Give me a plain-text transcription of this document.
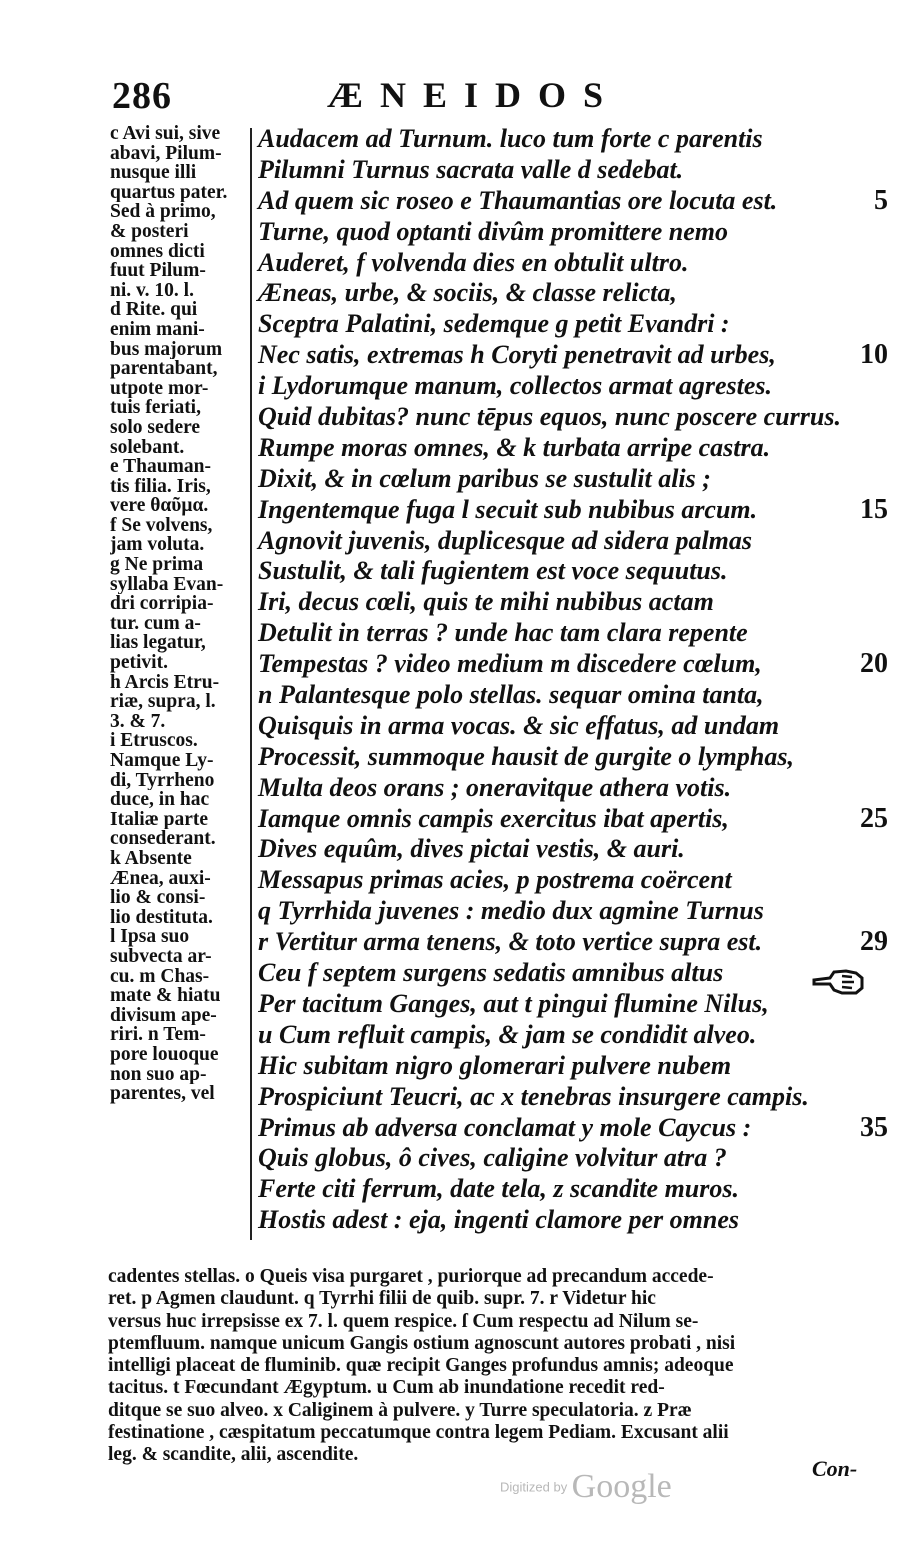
286	ÆNEIDOS
c Avi sui, sive
abavi, Pilum-
nusque illi
quartus pater.
Sed à primo,
& posteri
omnes dicti
fuut Pilum-
ni. v. 10. l.
d Rite. qui
enim mani-
bus majorum
parentabant,
utpote mor-
tuis feriati,
solo sedere
solebant.
e Thauman-
tis filia. Iris,
vere θαῦμα.
f Se volvens,
jam voluta.
g Ne prima
syllaba Evan-
dri corripia-
tur. cum a-
lias legatur,
petivit.
h Arcis Etru-
riæ, supra, l.
3. & 7.
i Etruscos.
Namque Ly-
di, Tyrrheno
duce, in hac
Italiæ parte
consederant.
k Absente
Ænea, auxi-
lio & consi-
lio destituta.
l Ipsa suo
subvecta ar-
cu. m Chas-
mate & hiatu
divisum ape-
riri. n Tem-
pore louoque
non suo ap-
parentes, vel
Audacem ad Turnum. luco tum forte c parentis
Pilumni Turnus sacrata valle d sedebat.
Ad quem sic roseo e Thaumantias ore locuta est.	5
Turne, quod optanti divûm promittere nemo
Auderet, f volvenda dies en obtulit ultro.
Æneas, urbe, & sociis, & classe relicta,
Sceptra Palatini, sedemque g petit Evandri :
Nec satis, extremas h Coryti penetravit ad urbes,	10
i Lydorumque manum, collectos armat agrestes.
Quid dubitas? nunc tēpus equos, nunc poscere currus.
Rumpe moras omnes, & k turbata arripe castra.
Dixit, & in cœlum paribus se sustulit alis ;
Ingentemque fuga l secuit sub nubibus arcum.	15
Agnovit juvenis, duplicesque ad sidera palmas
Sustulit, & tali fugientem est voce sequutus.
Iri, decus cœli, quis te mihi nubibus actam
Detulit in terras ? unde hac tam clara repente
Tempestas ? video medium m discedere cœlum,	20
n Palantesque polo stellas. sequar omina tanta,
Quisquis in arma vocas. & sic effatus, ad undam
Processit, summoque hausit de gurgite o lymphas,
Multa deos orans ; oneravitque athera votis.
Iamque omnis campis exercitus ibat apertis,	25
Dives equûm, dives pictai vestis, & auri.
Messapus primas acies, p postrema coërcent
q Tyrrhida juvenes : medio dux agmine Turnus
r Vertitur arma tenens, & toto vertice supra est.	29
Ceu f septem surgens sedatis amnibus altus
Per tacitum Ganges, aut t pingui flumine Nilus,
u Cum refluit campis, & jam se condidit alveo.
Hic subitam nigro glomerari pulvere nubem
Prospiciunt Teucri, ac x tenebras insurgere campis.
Primus ab adversa conclamat y mole Caycus :	35
Quis globus, ô cives, caligine volvitur atra ?
Ferte citi ferrum, date tela, z scandite muros.
Hostis adest : eja, ingenti clamore per omnes
cadentes stellas. o Queis visa purgaret , puriorque ad precandum accede-
ret. p Agmen claudunt. q Tyrrhi filii de quib. supr. 7. r Videtur hic
versus huc irrepsisse ex 7. l. quem respice. ſ Cum respectu ad Nilum se-
ptemfluum. namque unicum Gangis ostium agnoscunt autores probati , nisi
intelligi placeat de fluminib. quæ recipit Ganges profundus amnis; adeoque
tacitus. t Fœcundant Ægyptum. u Cum ab inundatione recedit red-
ditque se suo alveo. x Caliginem à pulvere. y Turre speculatoria. z Præ
festinatione , cæspitatum peccatumque contra legem Pediam. Excusant alii
leg. & scandite, alii, ascendite.
Con-
Digitized by Google
